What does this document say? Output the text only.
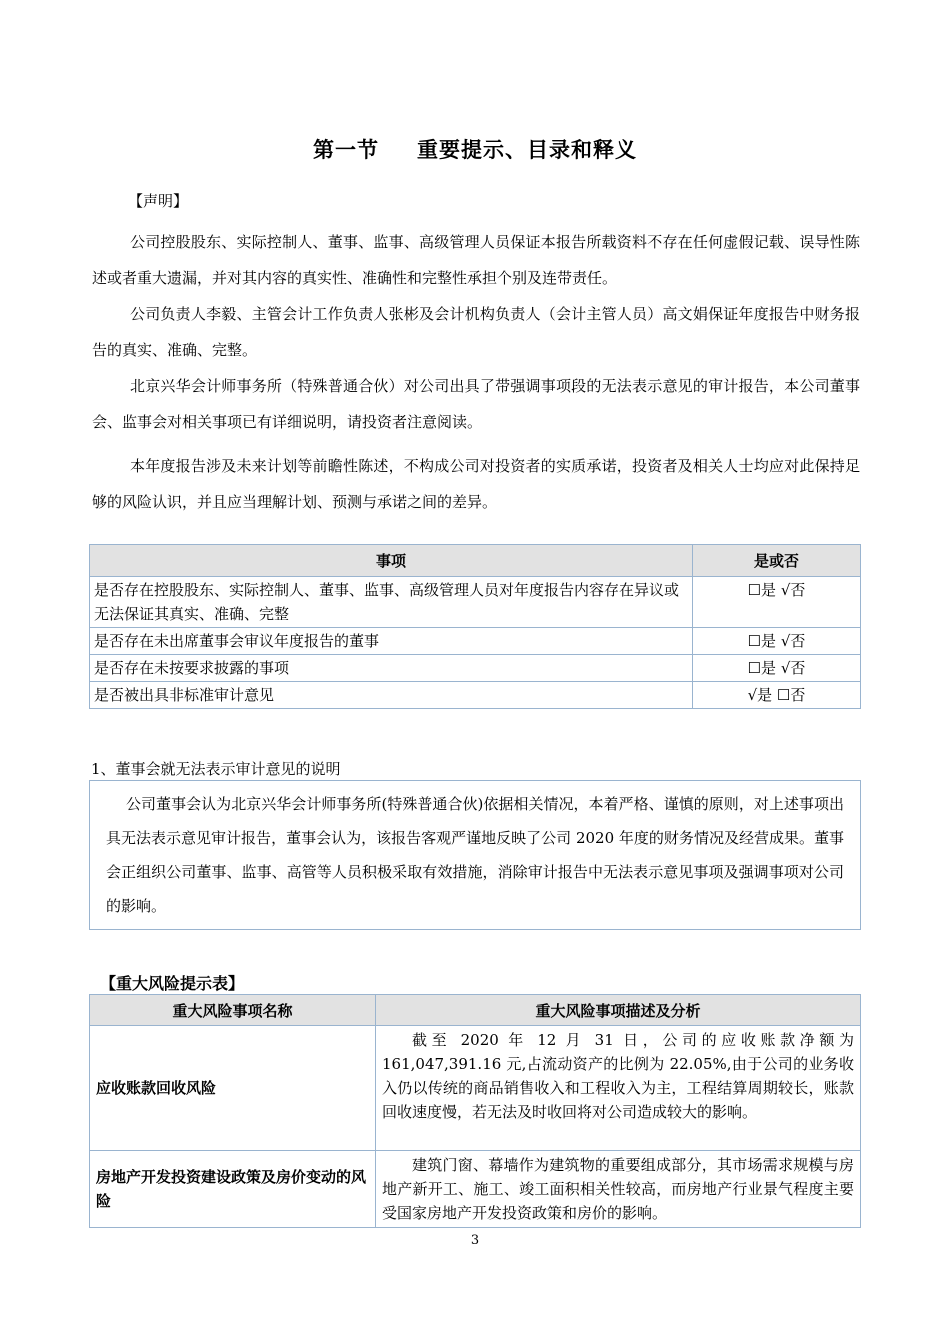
第一节 重要提示、目录和释义
【声明】
公司控股股东、实际控制人、董事、监事、高级管理人员保证本报告所载资料不存在任何虚假记载、误导性陈述或者重大遗漏，并对其内容的真实性、准确性和完整性承担个别及连带责任。
公司负责人李毅、主管会计工作负责人张彬及会计机构负责人（会计主管人员）高文娟保证年度报告中财务报告的真实、准确、完整。
北京兴华会计师事务所（特殊普通合伙）对公司出具了带强调事项段的无法表示意见的审计报告，本公司董事会、监事会对相关事项已有详细说明，请投资者注意阅读。
本年度报告涉及未来计划等前瞻性陈述，不构成公司对投资者的实质承诺，投资者及相关人士均应对此保持足够的风险认识，并且应当理解计划、预测与承诺之间的差异。
事项	是或否
是否存在控股股东、实际控制人、董事、监事、高级管理人员对年度报告内容存在异议或无法保证其真实、准确、完整	☐是 √否
是否存在未出席董事会审议年度报告的董事	☐是 √否
是否存在未按要求披露的事项	☐是 √否
是否被出具非标准审计意见	√是 ☐否
1、董事会就无法表示审计意见的说明

公司董事会认为北京兴华会计师事务所(特殊普通合伙)依据相关情况，本着严格、谨慎的原则，对上述事项出具无法表示意见审计报告，董事会认为，该报告客观严谨地反映了公司 2020 年度的财务情况及经营成果。董事会正组织公司董事、监事、高管等人员积极采取有效措施，消除审计报告中无法表示意见事项及强调事项对公司的影响。

【重大风险提示表】
重大风险事项名称	重大风险事项描述及分析
应收账款回收风险	截至 2020 年 12 月 31 日，公司的应收账款净额为 161,047,391.16 元,占流动资产的比例为 22.05%,由于公司的业务收入仍以传统的商品销售收入和工程收入为主，工程结算周期较长，账款回收速度慢，若无法及时收回将对公司造成较大的影响。
房地产开发投资建设政策及房价变动的风险	建筑门窗、幕墙作为建筑物的重要组成部分，其市场需求规模与房地产新开工、施工、竣工面积相关性较高，而房地产行业景气程度主要受国家房地产开发投资政策和房价的影响。
3
